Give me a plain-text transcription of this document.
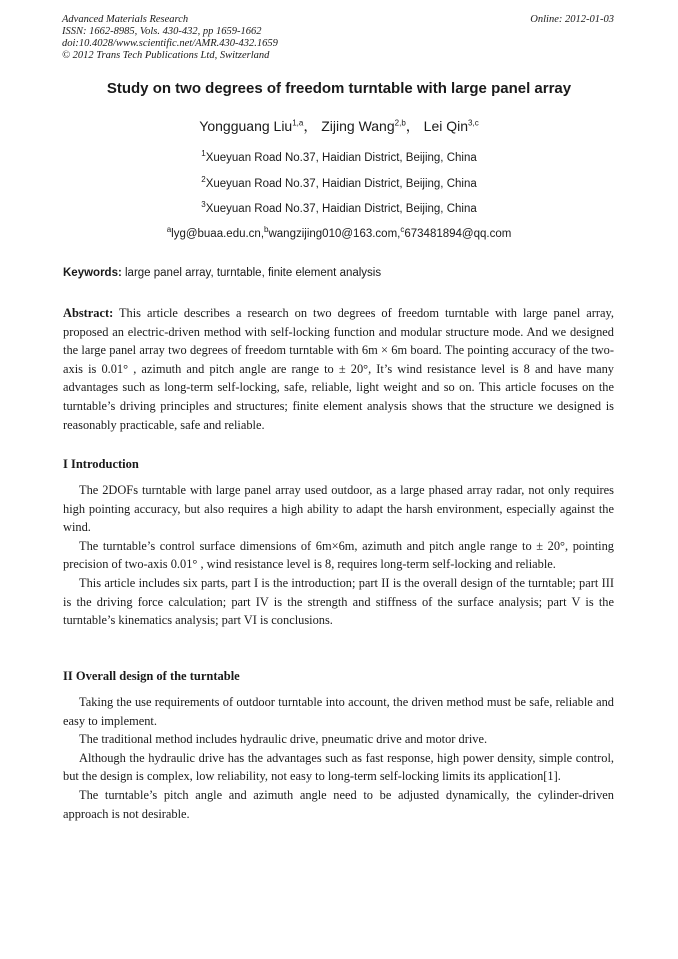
Advanced Materials Research
ISSN: 1662-8985, Vols. 430-432, pp 1659-1662
doi:10.4028/www.scientific.net/AMR.430-432.1659
© 2012 Trans Tech Publications Ltd, Switzerland
Online: 2012-01-03
Study on two degrees of freedom turntable with large panel array
Yongguang Liu$^{1,a}$， Zijing Wang$^{2,b}$， Lei Qin$^{3,c}$
$^1$Xueyuan Road No.37, Haidian District, Beijing, China
$^2$Xueyuan Road No.37, Haidian District, Beijing, China
$^3$Xueyuan Road No.37, Haidian District, Beijing, China
$^a$lyg@buaa.edu.cn,$^b$wangzijing010@163.com,$^c$673481894@qq.com
Keywords: large panel array, turntable, finite element analysis

Abstract: This article describes a research on two degrees of freedom turntable with large panel array, proposed an electric-driven method with self-locking function and modular structure mode. And we designed the large panel array two degrees of freedom turntable with 6m × 6m board. The pointing accuracy of the two-axis is 0.01° , azimuth and pitch angle are range to ± 20°, It’s wind resistance level is 8 and have many advantages such as long-term self-locking, safe, reliable, light weight and so on. This article focuses on the turntable’s driving principles and structures; finite element analysis shows that the structure we designed is reasonably practicable, safe and reliable.

I Introduction

The 2DOFs turntable with large panel array used outdoor, as a large phased array radar, not only requires high pointing accuracy, but also requires a high ability to adapt the harsh environment, especially against the wind.

The turntable’s control surface dimensions of 6m×6m, azimuth and pitch angle range to ± 20°, pointing precision of two-axis 0.01° , wind resistance level is 8, requires long-term self-locking and reliable.

This article includes six parts, part I is the introduction; part II is the overall design of the turntable; part III is the driving force calculation; part IV is the strength and stiffness of the surface analysis; part V is the turntable’s kinematics analysis; part VI is conclusions.

II Overall design of the turntable

Taking the use requirements of outdoor turntable into account, the driven method must be safe, reliable and easy to implement.

The traditional method includes hydraulic drive, pneumatic drive and motor drive.

Although the hydraulic drive has the advantages such as fast response, high power density, simple control, but the design is complex, low reliability, not easy to long-term self-locking limits its application[1].

The turntable’s pitch angle and azimuth angle need to be adjusted dynamically, the cylinder-driven approach is not desirable.
